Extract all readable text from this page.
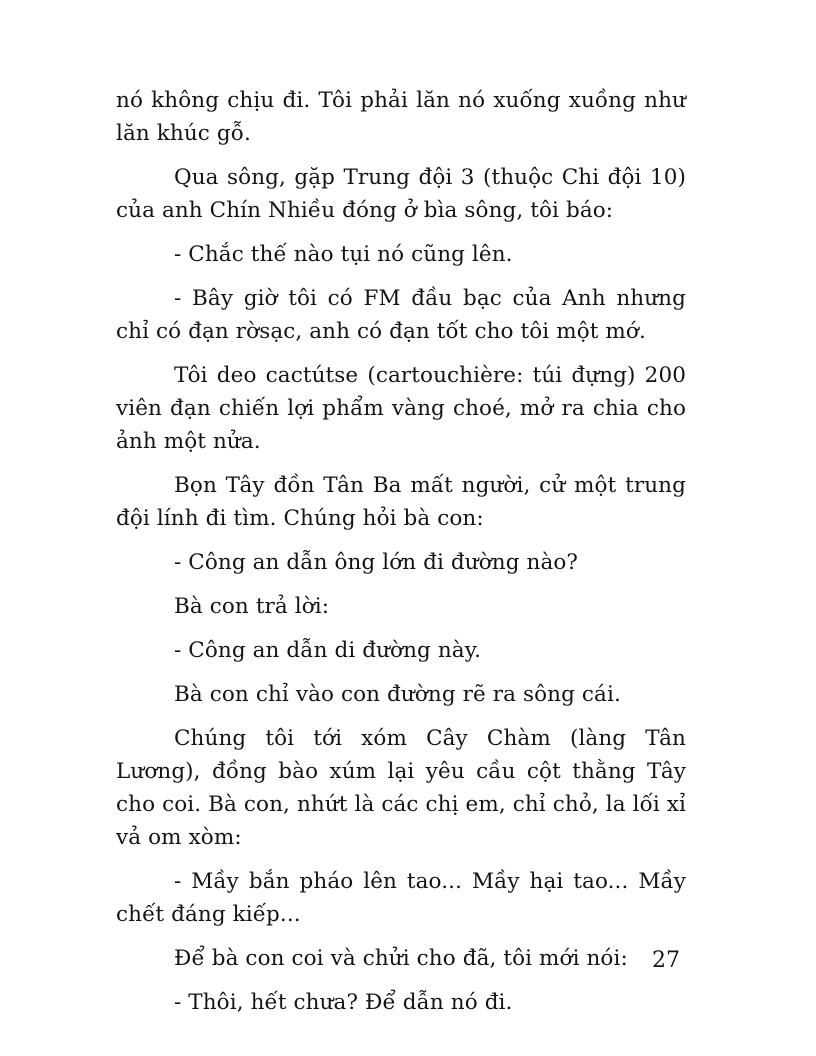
nó không chịu đi. Tôi phải lăn nó xuống xuồng như lăn khúc gỗ.

Qua sông, gặp Trung đội 3 (thuộc Chi đội 10) của anh Chín Nhiều đóng ở bìa sông, tôi báo:

- Chắc thế nào tụi nó cũng lên.

- Bây giờ tôi có FM đầu bạc của Anh nhưng chỉ có đạn rờsạc, anh có đạn tốt cho tôi một mớ.

Tôi deo cactútse (cartouchière: túi đựng) 200 viên đạn chiến lợi phẩm vàng choé, mở ra chia cho ảnh một nửa.

Bọn Tây đồn Tân Ba mất người, cử một trung đội lính đi tìm. Chúng hỏi bà con:

- Công an dẫn ông lớn đi đường nào?

Bà con trả lời:

- Công an dẫn di đường này.

Bà con chỉ vào con đường rẽ ra sông cái.

Chúng tôi tới xóm Cây Chàm (làng Tân Lương), đồng bào xúm lại yêu cầu cột thằng Tây cho coi. Bà con, nhứt là các chị em, chỉ chỏ, la lối xỉ vả om xòm:

- Mầy bắn pháo lên tao... Mầy hại tao... Mầy chết đáng kiếp...

Để bà con coi và chửi cho đã, tôi mới nói:

- Thôi, hết chưa? Để dẫn nó đi.

27
